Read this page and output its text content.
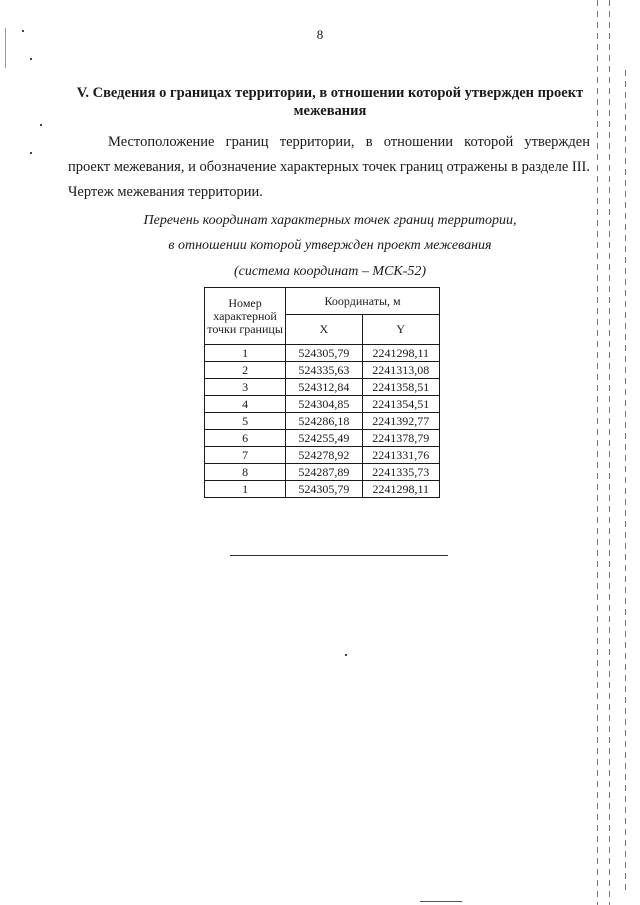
8
V. Сведения о границах территории, в отношении которой утвержден проект межевания
Местоположение границ территории, в отношении которой утвержден проект межевания, и обозначение характерных точек границ отражены в разделе III. Чертеж межевания территории.
Перечень координат характерных точек границ территории,
в отношении которой утвержден проект межевания
(система координат – МСК-52)
Номер характерной точки границы	Координаты, м	
	X	Y
1	524305,79	2241298,11
2	524335,63	2241313,08
3	524312,84	2241358,51
4	524304,85	2241354,51
5	524286,18	2241392,77
6	524255,49	2241378,79
7	524278,92	2241331,76
8	524287,89	2241335,73
1	524305,79	2241298,11
